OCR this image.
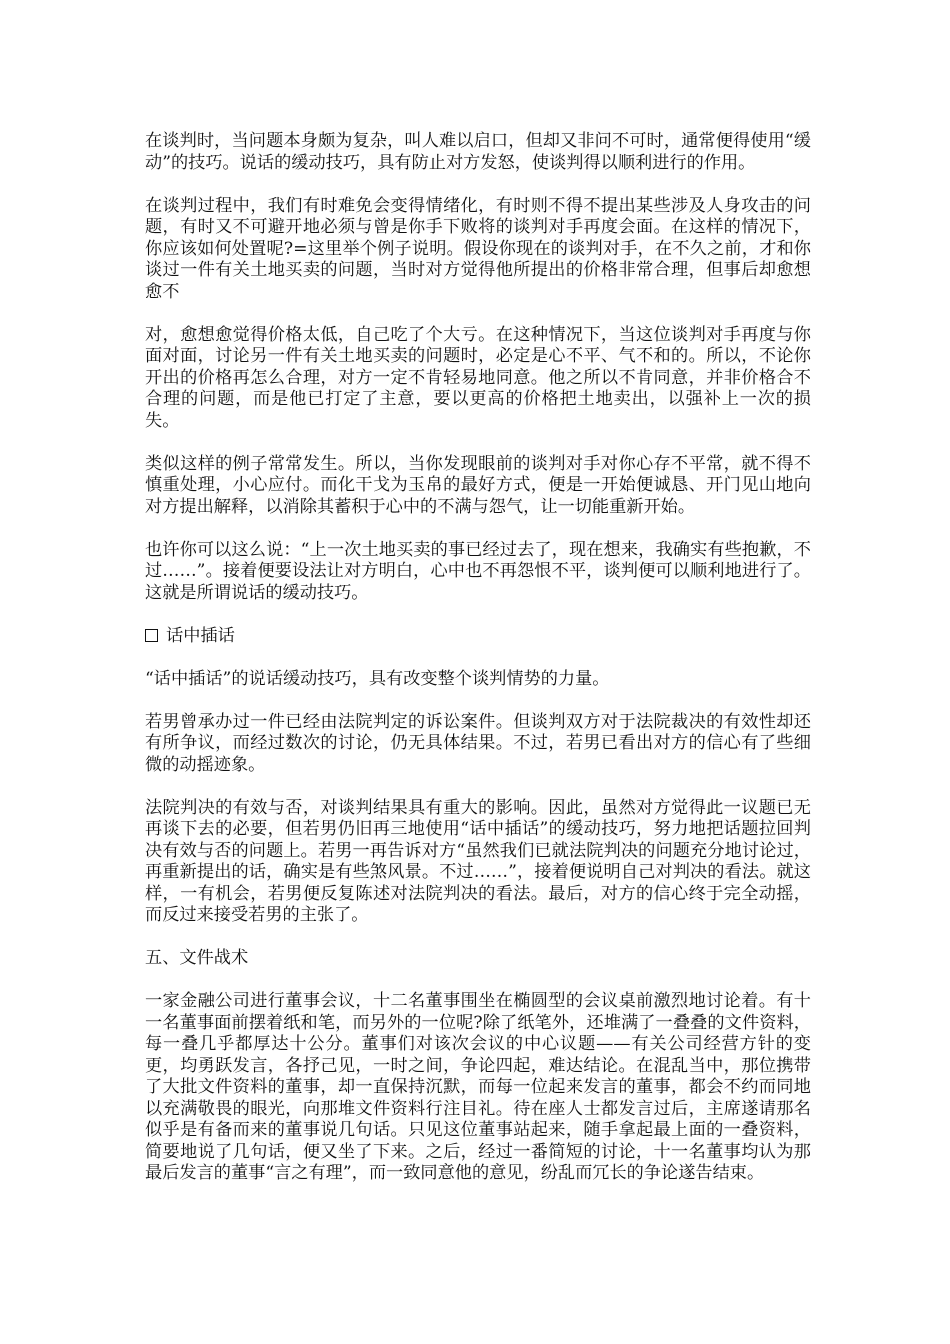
在谈判时，当问题本身颇为复杂，叫人难以启口，但却又非问不可时，通常便得使用“缓动”的技巧。说话的缓动技巧，具有防止对方发怒，使谈判得以顺利进行的作用。

在谈判过程中，我们有时难免会变得情绪化，有时则不得不提出某些涉及人身攻击的问题，有时又不可避开地必须与曾是你手下败将的谈判对手再度会面。在这样的情况下，你应该如何处置呢?=这里举个例子说明。假设你现在的谈判对手，在不久之前，才和你谈过一件有关土地买卖的问题，当时对方觉得他所提出的价格非常合理，但事后却愈想愈不

对，愈想愈觉得价格太低，自己吃了个大亏。在这种情况下，当这位谈判对手再度与你面对面，讨论另一件有关土地买卖的问题时，必定是心不平、气不和的。所以，不论你开出的价格再怎么合理，对方一定不肯轻易地同意。他之所以不肯同意，并非价格合不合理的问题，而是他已打定了主意，要以更高的价格把土地卖出，以强补上一次的损失。

类似这样的例子常常发生。所以，当你发现眼前的谈判对手对你心存不平常，就不得不慎重处理，小心应付。而化干戈为玉帛的最好方式，便是一开始便诚恳、开门见山地向对方提出解释，以消除其蓄积于心中的不满与怨气，让一切能重新开始。

也许你可以这么说：“上一次土地买卖的事已经过去了，现在想来，我确实有些抱歉，不过……”。接着便要设法让对方明白，心中也不再怨恨不平，谈判便可以顺利地进行了。这就是所谓说话的缓动技巧。

话中插话

“话中插话”的说话缓动技巧，具有改变整个谈判情势的力量。

若男曾承办过一件已经由法院判定的诉讼案件。但谈判双方对于法院裁决的有效性却还有所争议，而经过数次的讨论，仍无具体结果。不过，若男已看出对方的信心有了些细微的动摇迹象。

法院判决的有效与否，对谈判结果具有重大的影响。因此，虽然对方觉得此一议题已无再谈下去的必要，但若男仍旧再三地使用“话中插话”的缓动技巧，努力地把话题拉回判决有效与否的问题上。若男一再告诉对方“虽然我们已就法院判决的问题充分地讨论过，再重新提出的话，确实是有些煞风景。不过……”，接着便说明自己对判决的看法。就这样，一有机会，若男便反复陈述对法院判决的看法。最后，对方的信心终于完全动摇，而反过来接受若男的主张了。

五、文件战术

一家金融公司进行董事会议，十二名董事围坐在椭圆型的会议桌前激烈地讨论着。有十一名董事面前摆着纸和笔，而另外的一位呢?除了纸笔外，还堆满了一叠叠的文件资料，每一叠几乎都厚达十公分。董事们对该次会议的中心议题——有关公司经营方针的变更，均勇跃发言，各抒己见，一时之间，争论四起，难达结论。在混乱当中，那位携带了大批文件资料的董事，却一直保持沉默，而每一位起来发言的董事，都会不约而同地以充满敬畏的眼光，向那堆文件资料行注目礼。待在座人士都发言过后，主席遂请那名似乎是有备而来的董事说几句话。只见这位董事站起来，随手拿起最上面的一叠资料，简要地说了几句话，便又坐了下来。之后，经过一番简短的讨论，十一名董事均认为那最后发言的董事“言之有理”，而一致同意他的意见，纷乱而冗长的争论遂告结束。
